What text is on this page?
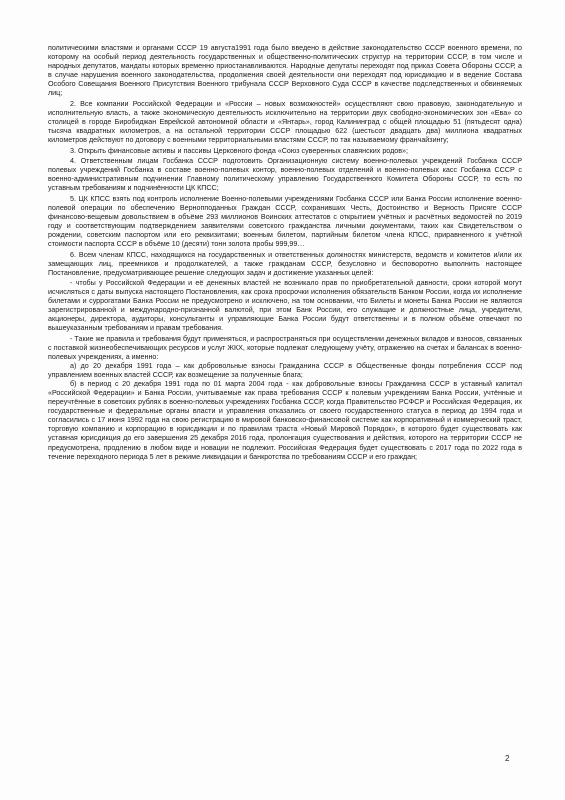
политическими властями и органами СССР 19 августа1991 года было введено в действие законодательство СССР военного времени, по которому на особый период деятельность государственных и общественно-политических структур на территории СССР, в том числе и народных депутатов, мандаты которых временно приостанавливаются. Народные депутаты переходят под приказ Совета Обороны СССР, а в случае нарушения военного законодательства, продолжения своей деятельности они переходят под юрисдикцию и в ведение Состава Особого Совещания Военного Присутствия Военного трибунала СССР Верховного Суда СССР в качестве подследственных и обвиняемых лиц;

2. Все компании Российской Федерации и «России – новых возможностей» осуществляют свою правовую, законодательную и исполнительную власть, а также экономическую деятельность исключительно на территории двух свободно-экономических зон «Ева» со столицей в городе Биробиджан Еврейской автономной области и «Янтарь», город Калининград с общей площадью 51 (пятьдесят одна) тысяча квадратных километров, а на остальной территории СССР площадью 622 (шестьсот двадцать два) миллиона квадратных километров действуют по договору с военными территориальными властями СССР, по так называемому франчайзингу;

3. Открыть финансовые активы и пассивы Церковного фонда «Союз суверенных славянских родов»;

4. Ответственным лицам Госбанка СССР подготовить Организационную систему военно-полевых учреждений Госбанка СССР полевых учреждений Госбанка в составе военно-полевых контор, военно-полевых отделений и военно-полевых касс Госбанка СССР с военно-административным подчинении Главному политическому управлению Государственного Комитета Обороны СССР, то есть по уставным требованиям и подчинённости ЦК КПСС;

5. ЦК КПСС взять под контроль исполнение Военно-полевыми учреждениями Госбанка СССР или Банка России исполнение военно-полевой операции по обеспечению Вернопподанных Граждан СССР, сохранивших Честь, Достоинство и Верность Присяге СССР финансово-вещевым довольствием в объёме 293 миллионов Воинских аттестатов с открытием учётных и расчётных ведомостей по 2019 году и соответствующим подтверждением заявителями советского гражданства личными документами, таких как Свидетельством о рождении, советским паспортом или его реквизитами; военным билетом, партийным билетом члена КПСС, приравненного к учётной стоимости паспорта СССР в объёме 10 (десяти) тонн золота пробы 999,99…

6. Всем членам КПСС, находящихся на государственных и ответственных должностях министерств, ведомств и комитетов и/или их замещающих лиц, преемников и продолжателей, а также гражданам СССР, безусловно и бесповоротно выполнить настоящее Постановление, предусматривающее решение следующих задач и достижение указанных целей:

- чтобы у Российской Федерации и её денежных властей не возникало прав по приобретательной давности, сроки которой могут исчисляться с даты выпуска настоящего Постановления, как срока просрочки исполнения обязательств Банком России, когда их исполнение билетами и суррогатами Банка России не предусмотрено и исключено, на том основании, что Билеты и монеты Банка России не являются зарегистрированной и международно-признанной валютой, при этом Банк России, его служащие и должностные лица, учредители, акционеры, директора, аудиторы, консультанты и управляющие Банка России будут ответственны и в полном объёме отвечают по вышеуказанным требованиям и правам требования.

- Такие же правила и требования будут применяться, и распространяться при осуществлении денежных вкладов и взносов, связанных с поставкой жизнеобеспечивающих ресурсов и услуг ЖКХ, которые подлежат следующему учёту, отражению на счетах и балансах в военно-полевых учреждениях, а именно:

а) до 20 декабря 1991 года – как добровольные взносы Гражданина СССР в Общественные фонды потребления СССР под управлением военных властей СССР, как возмещение за полученные блага;

б) в период с 20 декабря 1991 года по 01 марта 2004 года - как добровольные взносы Гражданина СССР в уставный капитал «Российской Федерации» и Банка России, учитываемые как права требования СССР к полевым учреждениям Банка России, учтённые и переучтённые в советских рублях в военно-полевых учреждениях Госбанка СССР, когда Правительство РСФСР и Российская Федерация, их государственные и федеральные органы власти и управления отказались от своего государственного статуса в период до 1994 года и согласились с 17 июня 1992 года на свою регистрацию в мировой банковско-финансовой системе как корпоративный и коммерческий траст, торговую компанию и корпорацию в юрисдикции и по правилам траста «Новый Мировой Порядок», в которого будет существовать как уставная юрисдикция до его завершения 25 декабря 2016 года, пролонгация существования и действия, которого на территории СССР не предусмотрена, продлению в любом виде и новации не подлежит. Российская Федерация будет существовать с 2017 года по 2022 года в течение переходного периода 5 лет в режиме ликвидации и банкротства по требованиям СССР и его граждан;

2
